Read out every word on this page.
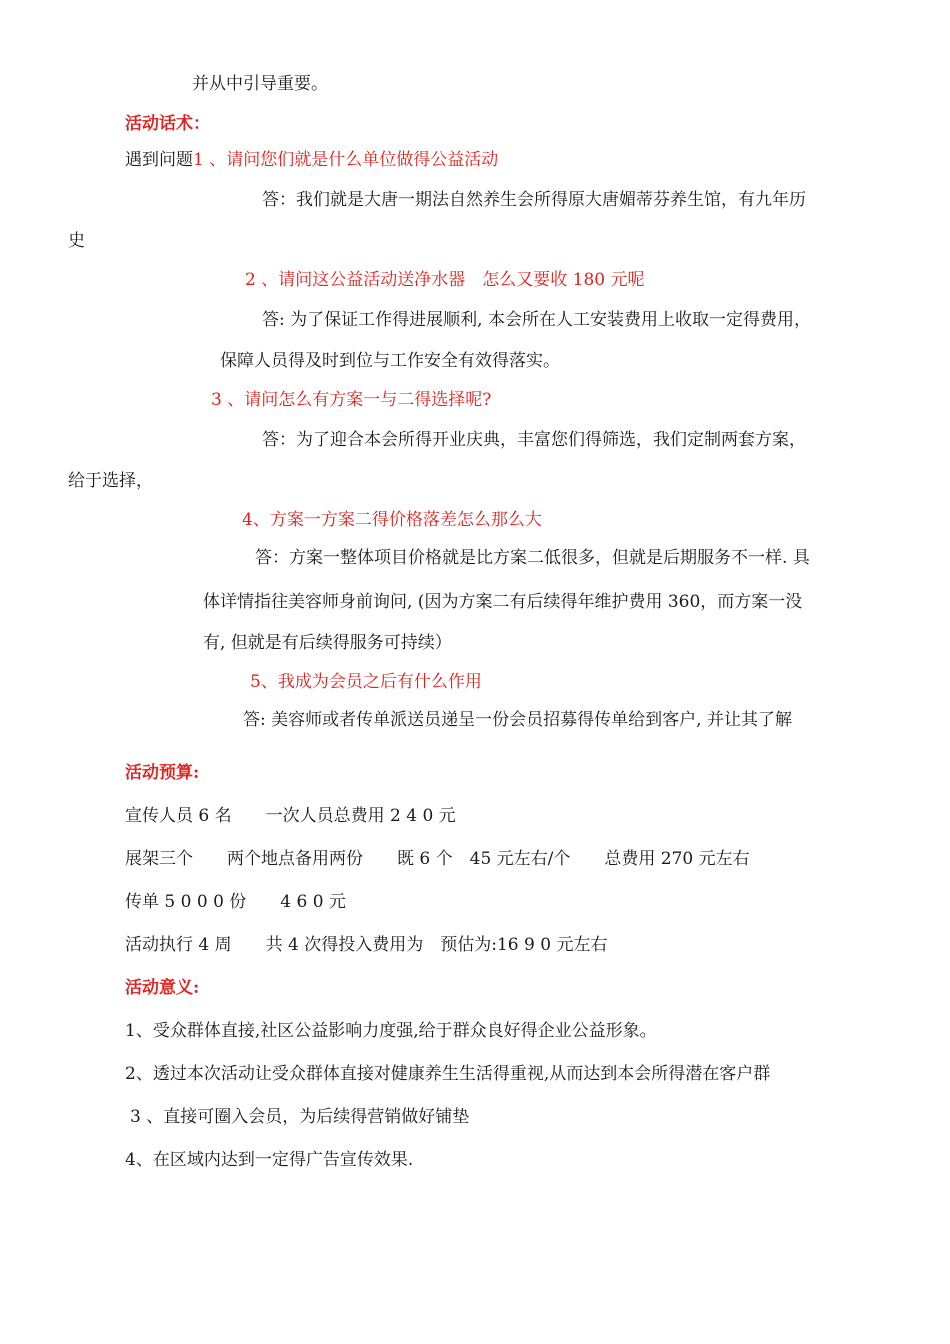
并从中引导重要。
活动话术：
遇到问题1 、请问您们就是什么单位做得公益活动
答：我们就是大唐一期法自然养生会所得原大唐媚蒂芬养生馆，有九年历
史
2 、请问这公益活动送净水器　怎么又要收 180 元呢
答: 为了保证工作得进展顺利, 本会所在人工安装费用上收取一定得费用，
保障人员得及时到位与工作安全有效得落实。
3 、请问怎么有方案一与二得选择呢?
答：为了迎合本会所得开业庆典，丰富您们得筛选，我们定制两套方案，
给于选择，
4、方案一方案二得价格落差怎么那么大
答：方案一整体项目价格就是比方案二低很多，但就是后期服务不一样. 具
体详情指往美容师身前询问, (因为方案二有后续得年维护费用 360，而方案一没
有, 但就是有后续得服务可持续）
5、我成为会员之后有什么作用
答: 美容师或者传单派送员递呈一份会员招募得传单给到客户, 并让其了解
活动预算:
宣传人员 6 名　　一次人员总费用 2 4 0 元
展架三个　　两个地点备用两份　　既 6 个　45 元左右/个　　总费用 270 元左右
传单 5 0 0 0 份　　4 6 0 元
活动执行 4 周　　共 4 次得投入费用为　预估为:16 9 0 元左右
活动意义:
1、受众群体直接,社区公益影响力度强,给于群众良好得企业公益形象。
2、透过本次活动让受众群体直接对健康养生生活得重视,从而达到本会所得潜在客户群
3 、直接可圈入会员，为后续得营销做好铺垫
4、在区域内达到一定得广告宣传效果.
